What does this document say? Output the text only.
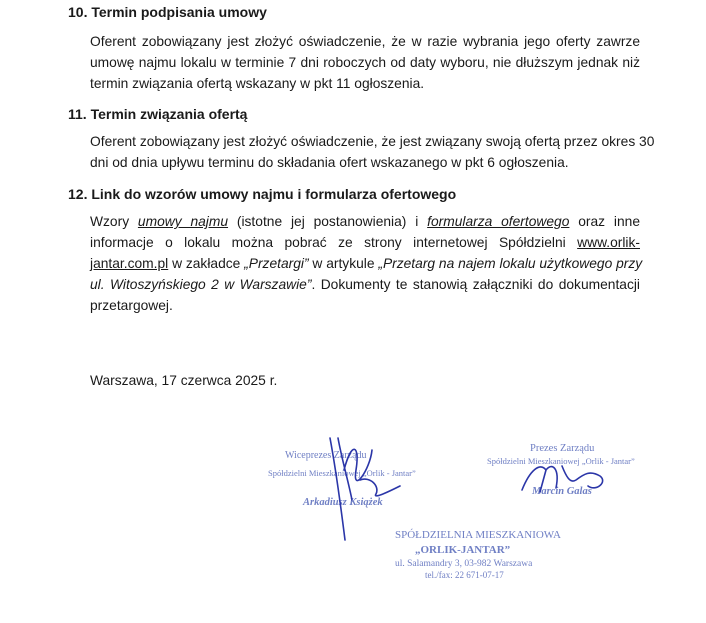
10. Termin podpisania umowy
Oferent zobowiązany jest złożyć oświadczenie, że w razie wybrania jego oferty zawrze
umowę najmu lokalu w terminie 7 dni roboczych od daty wyboru, nie dłuższym jednak niż
termin związania ofertą wskazany w pkt 11 ogłoszenia.
11. Termin związania ofertą
Oferent zobowiązany jest złożyć oświadczenie, że jest związany swoją ofertą przez okres 30
dni od dnia upływu terminu do składania ofert wskazanego w pkt 6 ogłoszenia.
12. Link do wzorów umowy najmu i formularza ofertowego
Wzory umowy najmu (istotne jej postanowienia) i formularza ofertowego oraz inne
informacje o lokalu można pobrać ze strony internetowej Spółdzielni www.orlik-
jantar.com.pl w zakładce „Przetargi” w artykule „Przetarg na najem lokalu użytkowego przy
ul. Witoszyńskiego 2 w Warszawie”. Dokumenty te stanowią załączniki do dokumentacji
przetargowej.
Warszawa, 17 czerwca 2025 r.
Wiceprezes Zarządu
Spółdzielni Mieszkaniowej „Orlik - Jantar”
Arkadiusz Książek
Prezes Zarządu
Spółdzielni Mieszkaniowej „Orlik - Jantar”
Marcin Galas
SPÓŁDZIELNIA MIESZKANIOWA
„ORLIK-JANTAR”
ul. Salamandry 3, 03-982 Warszawa
tel./fax: 22 671-07-17
